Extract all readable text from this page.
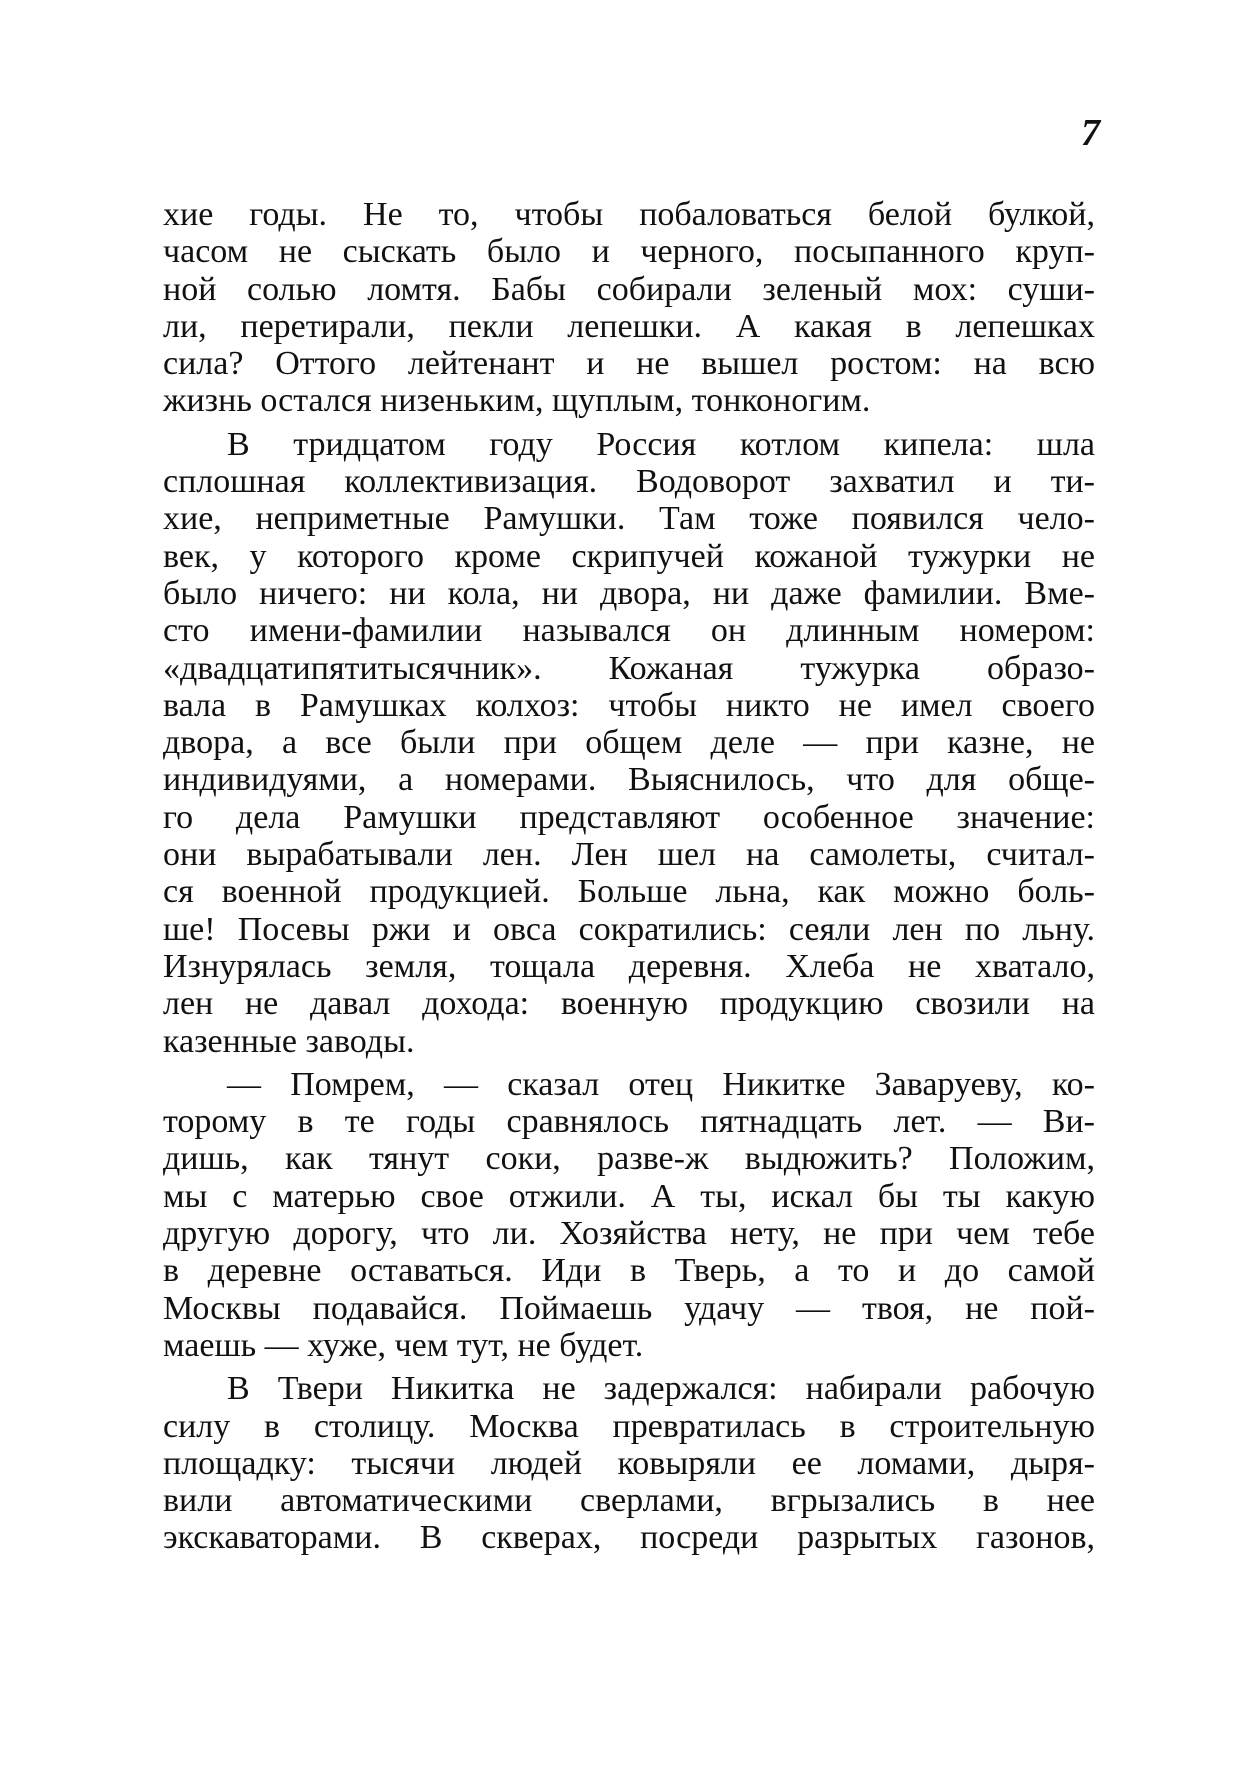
7
хие годы. Не то, чтобы побаловаться белой булкой,
часом не сыскать было и черного, посыпанного круп-
ной солью ломтя. Бабы собирали зеленый мох: суши-
ли, перетирали, пекли лепешки. А какая в лепешках
сила? Оттого лейтенант и не вышел ростом: на всю
жизнь остался низеньким, щуплым, тонконогим.
В тридцатом году Россия котлом кипела: шла
сплошная коллективизация. Водоворот захватил и ти-
хие, неприметные Рамушки. Там тоже появился чело-
век, у которого кроме скрипучей кожаной тужурки не
было ничего: ни кола, ни двора, ни даже фамилии. Вме-
сто имени-фамилии назывался он длинным номером:
«двадцатипятитысячник». Кожаная тужурка образо-
вала в Рамушках колхоз: чтобы никто не имел своего
двора, а все были при общем деле — при казне, не
индивидуями, а номерами. Выяснилось, что для обще-
го дела Рамушки представляют особенное значение:
они вырабатывали лен. Лен шел на самолеты, считал-
ся военной продукцией. Больше льна, как можно боль-
ше! Посевы ржи и овса сократились: сеяли лен по льну.
Изнурялась земля, тощала деревня. Хлеба не хватало,
лен не давал дохода: военную продукцию свозили на
казенные заводы.
— Помрем, — сказал отец Никитке Заваруеву, ко-
торому в те годы сравнялось пятнадцать лет. — Ви-
дишь, как тянут соки, разве-ж выдюжить? Положим,
мы с матерью свое отжили. А ты, искал бы ты какую
другую дорогу, что ли. Хозяйства нету, не при чем тебе
в деревне оставаться. Иди в Тверь, а то и до самой
Москвы подавайся. Поймаешь удачу — твоя, не пой-
маешь — хуже, чем тут, не будет.
В Твери Никитка не задержался: набирали рабочую
силу в столицу. Москва превратилась в строительную
площадку: тысячи людей ковыряли ее ломами, дыря-
вили автоматическими сверлами, вгрызались в нее
экскаваторами. В скверах, посреди разрытых газонов,
